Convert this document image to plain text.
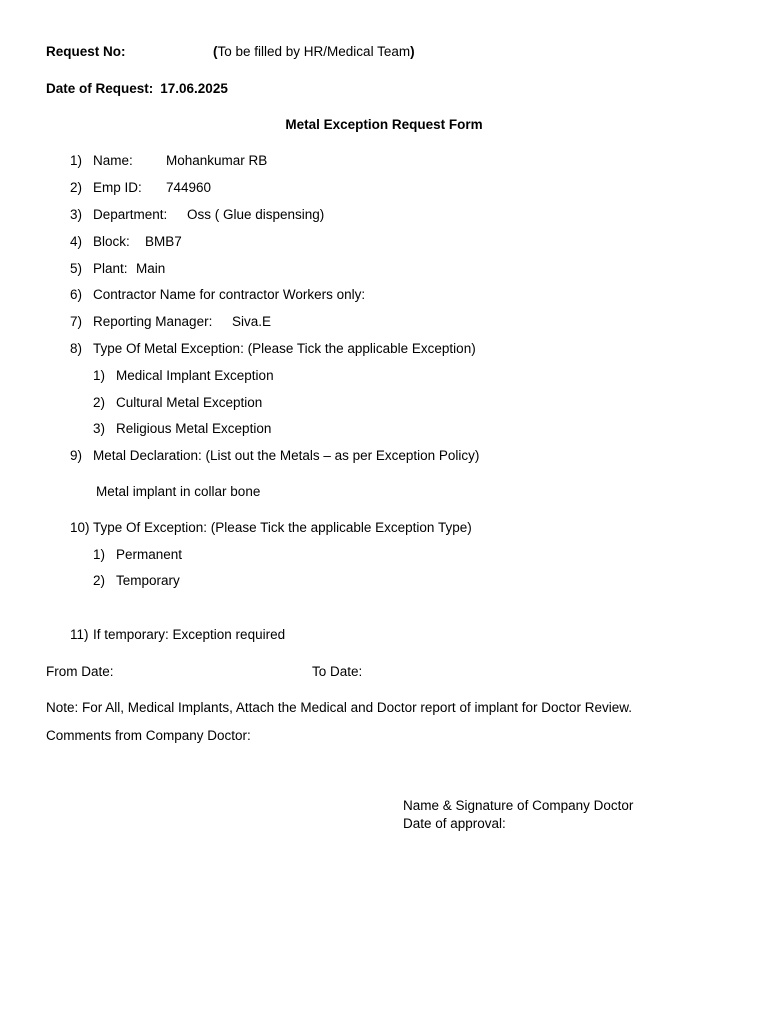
Request No:	(To be filled by HR/Medical Team)
Date of Request: 17.06.2025
Metal Exception Request Form
1) Name: Mohankumar RB
2) Emp ID: 744960
3) Department: Oss ( Glue dispensing)
4) Block: BMB7
5) Plant: Main
6) Contractor Name for contractor Workers only:
7) Reporting Manager: Siva.E
8) Type Of Metal Exception: (Please Tick the applicable Exception)
1) Medical Implant Exception
2) Cultural Metal Exception
3) Religious Metal Exception
9) Metal Declaration: (List out the Metals – as per Exception Policy)
Metal implant in collar bone
10) Type Of Exception: (Please Tick the applicable Exception Type)
1) Permanent
2) Temporary
11) If temporary: Exception required
From Date:	To Date:
Note: For All, Medical Implants, Attach the Medical and Doctor report of implant for Doctor Review.
Comments from Company Doctor:
Name & Signature of Company Doctor
Date of approval:
